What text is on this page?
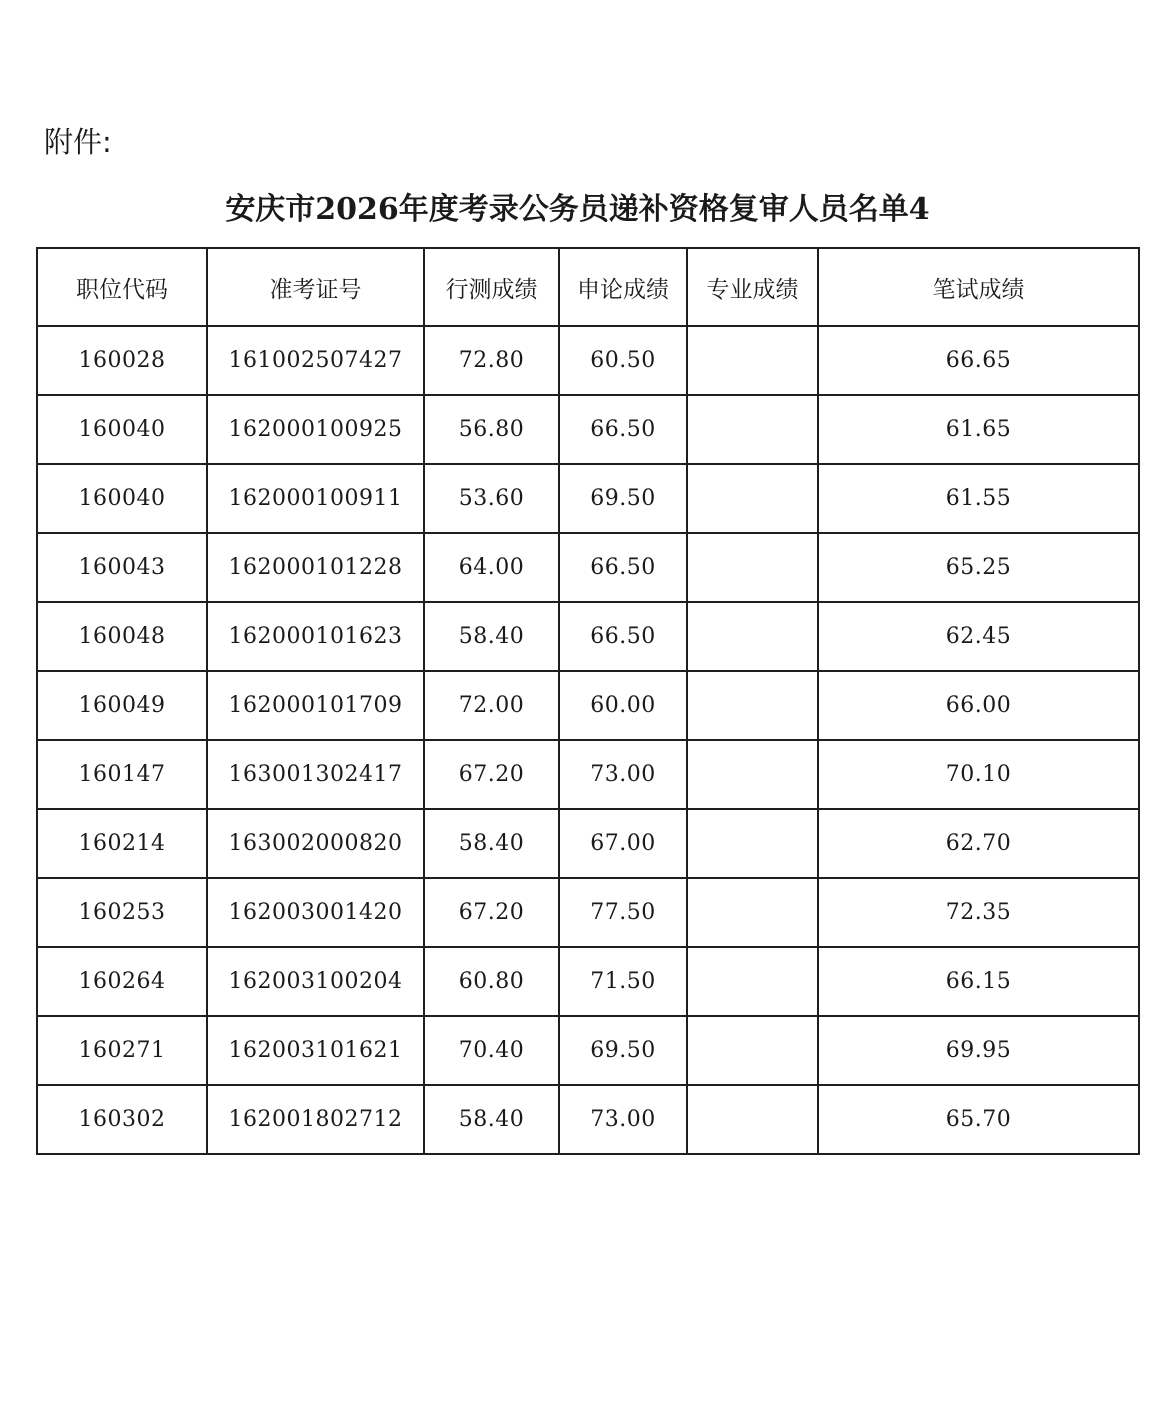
附件:
安庆市2026年度考录公务员递补资格复审人员名单4
职位代码	准考证号	行测成绩	申论成绩	专业成绩	笔试成绩
160028	161002507427	72.80	60.50		66.65
160040	162000100925	56.80	66.50		61.65
160040	162000100911	53.60	69.50		61.55
160043	162000101228	64.00	66.50		65.25
160048	162000101623	58.40	66.50		62.45
160049	162000101709	72.00	60.00		66.00
160147	163001302417	67.20	73.00		70.10
160214	163002000820	58.40	67.00		62.70
160253	162003001420	67.20	77.50		72.35
160264	162003100204	60.80	71.50		66.15
160271	162003101621	70.40	69.50		69.95
160302	162001802712	58.40	73.00		65.70
